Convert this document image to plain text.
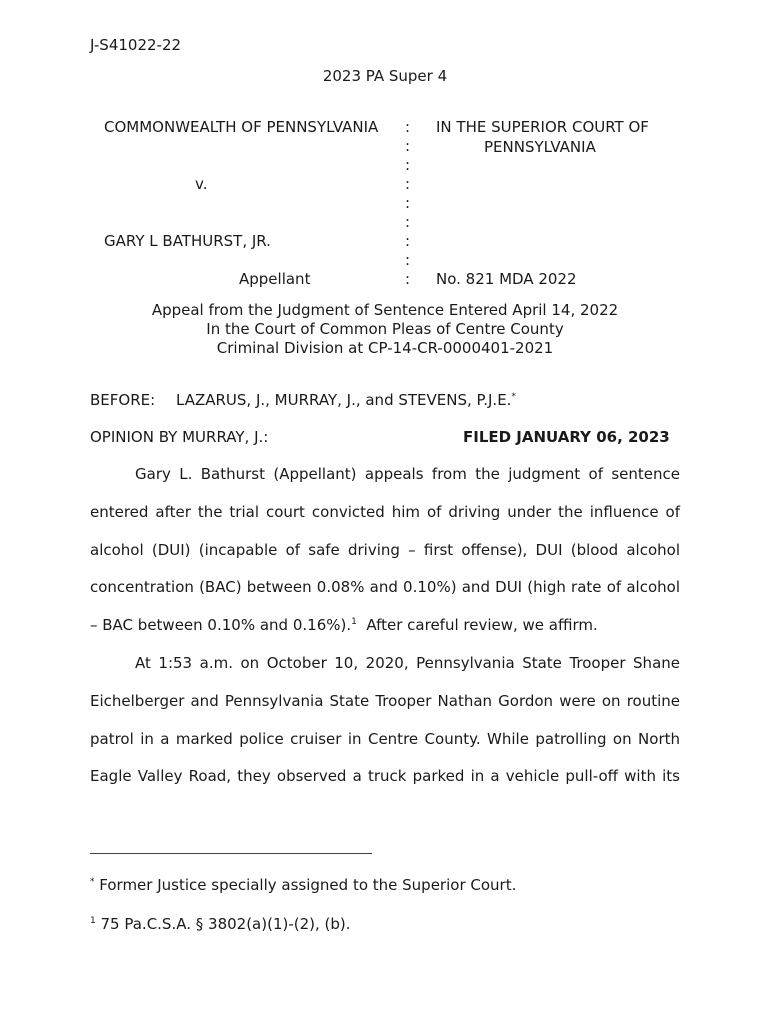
J-S41022-22
2023 PA Super 4
COMMONWEALTH OF PENNSYLVANIA
v.
GARY L BATHURST, JR.
Appellant
:
:
:
:
:
:
:
:
:
IN THE SUPERIOR COURT OF
PENNSYLVANIA
No. 821 MDA 2022
Appeal from the Judgment of Sentence Entered April 14, 2022
In the Court of Common Pleas of Centre County
Criminal Division at CP-14-CR-0000401-2021
BEFORE: LAZARUS, J., MURRAY, J., and STEVENS, P.J.E.*
OPINION BY MURRAY, J.:	FILED JANUARY 06, 2023
Gary L. Bathurst (Appellant) appeals from the judgment of sentence
entered after the trial court convicted him of driving under the influence of
alcohol (DUI) (incapable of safe driving – first offense), DUI (blood alcohol
concentration (BAC) between 0.08% and 0.10%) and DUI (high rate of alcohol
– BAC between 0.10% and 0.16%).$^1$  After careful review, we affirm.
At 1:53 a.m. on October 10, 2020, Pennsylvania State Trooper Shane
Eichelberger and Pennsylvania State Trooper Nathan Gordon were on routine
patrol in a marked police cruiser in Centre County. While patrolling on North
Eagle Valley Road, they observed a truck parked in a vehicle pull-off with its
* Former Justice specially assigned to the Superior Court.
$^1$ 75 Pa.C.S.A. § 3802(a)(1)-(2), (b).
